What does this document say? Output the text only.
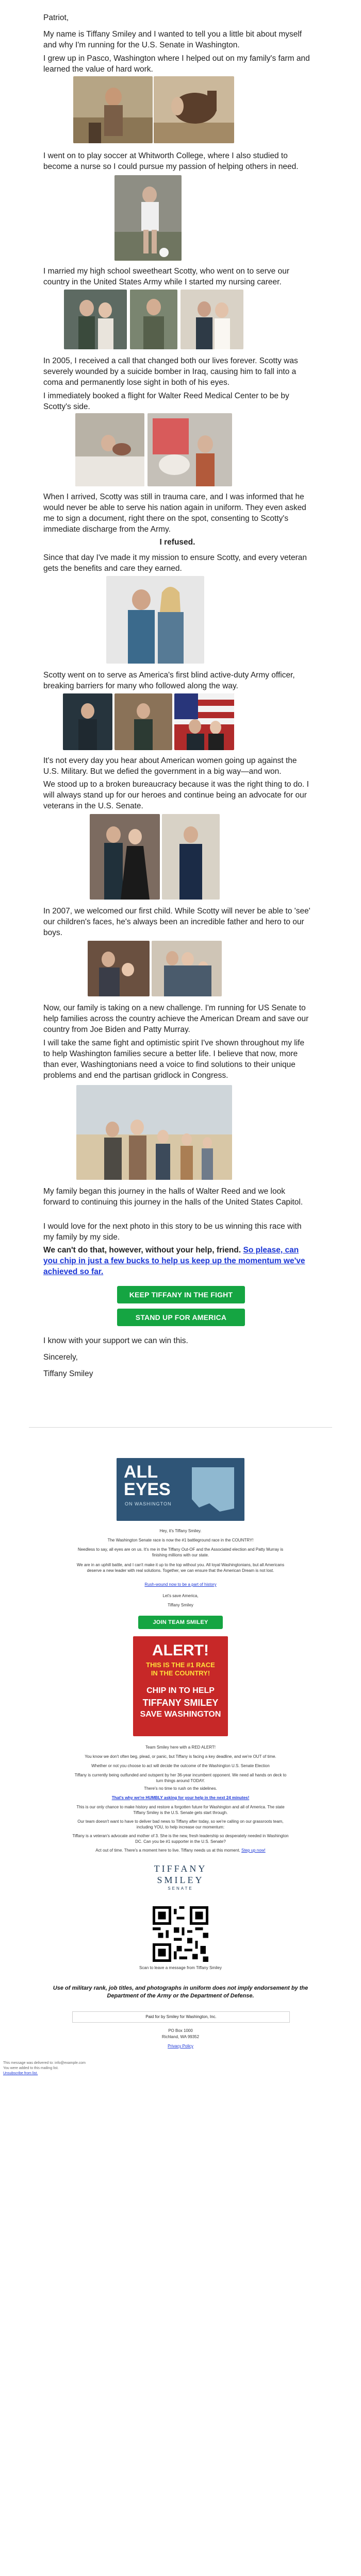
Patriot,

My name is Tiffany Smiley and I wanted to tell you a little bit about myself and why I'm running for the U.S. Senate in Washington.

I grew up in Pasco, Washington where I helped out on my family's farm and learned the value of hard work.

I went on to play soccer at Whitworth College, where I also studied to become a nurse so I could pursue my passion of helping others in need.

I married my high school sweetheart Scotty, who went on to serve our country in the United States Army while I started my nursing career.

In 2005, I received a call that changed both our lives forever. Scotty was severely wounded by a suicide bomber in Iraq, causing him to fall into a coma and permanently lose sight in both of his eyes.

I immediately booked a flight for Walter Reed Medical Center to be by Scotty's side.

When I arrived, Scotty was still in trauma care, and I was informed that he would never be able to serve his nation again in uniform. They even asked me to sign a document, right there on the spot, consenting to Scotty's immediate discharge from the Army.

I refused.

Since that day I've made it my mission to ensure Scotty, and every veteran gets the benefits and care they earned.

Scotty went on to serve as America's first blind active-duty Army officer, breaking barriers for many who followed along the way.

It's not every day you hear about American women going up against the U.S. Military. But we defied the government in a big way—and won.

We stood up to a broken bureaucracy because it was the right thing to do. I will always stand up for our heroes and continue being an advocate for our veterans in the U.S. Senate.

In 2007, we welcomed our first child. While Scotty will never be able to 'see' our children's faces, he's always been an incredible father and hero to our boys.

Now, our family is taking on a new challenge. I'm running for US Senate to help families across the country achieve the American Dream and save our country from Joe Biden and Patty Murray.

I will take the same fight and optimistic spirit I've shown throughout my life to help Washington families secure a better life. I believe that now, more than ever, Washingtonians need a voice to find solutions to their unique problems and end the partisan gridlock in Congress.

My family began this journey in the halls of Walter Reed and we look forward to continuing this journey in the halls of the United States Capitol.

I would love for the next photo in this story to be us winning this race with my family by my side.

We can't do that, however, without your help, friend. So please, can you chip in just a few bucks to help us keep up the momentum we've achieved so far.

KEEP TIFFANY IN THE FIGHT
STAND UP FOR AMERICA

I know with your support we can win this.

Sincerely,

Tiffany Smiley

ALL
EYES
ON WASHINGTON
Hey, it's Tiffany Smiley.
The Washington Senate race is now the #1 battleground race in the COUNTRY!
Needless to say, all eyes are on us. It's me in the Tiffany Out-OF and the Associated election and Patty Murray is finishing millions with our state.
We are in an uphill battle, and I can't make it up to the top without you. All loyal Washingtonians, but all Americans deserve a new leader with real solutions. Together, we can ensure that the American Dream is not lost.
Rush-wound now to be a part of history
Let's save America,
Tiffany Smiley
JOIN TEAM SMILEY
ALERT!
THIS IS THE #1 RACE
IN THE COUNTRY!
CHIP IN TO HELP
TIFFANY SMILEY
SAVE WASHINGTON
Team Smiley here with a RED ALERT!
You know we don't often beg, plead, or panic, but Tiffany is facing a key deadline, and we're OUT of time.
Whether or not you choose to act will decide the outcome of the Washington U.S. Senate Election
Tiffany is currently being outfunded and outspent by her 36-year incumbent opponent. We need all hands on deck to turn things around TODAY.
There's no time to rush on the sidelines.
That's why we're HUMBLY asking for your help in the next 24 minutes!
This is our only chance to make history and restore a forgotten future for Washington and all of America. The state Tiffany Smiley is the U.S. Senate gets start through.
Our team doesn't want to have to deliver bad news to Tiffany after today, so we're calling on our grassroots team, including YOU, to help increase our momentum:
Tiffany is a veteran's advocate and mother of 3. She is the new, fresh leadership so desperately needed in Washington DC. Can you be #1 supporter in the U.S. Senate?
Act out of time. There's a moment here to live. Tiffany needs us at this moment. Step up now!
TIFFANY
SMILEY
SENATE
Scan to leave a message from Tiffany Smiley
Use of military rank, job titles, and photographs in uniform does not imply endorsement by the Department of the Army or the Department of Defense.
Paid for by Smiley for Washington, Inc.
PO Box 1000
Richland, WA 99352
Privacy Policy
This message was delivered to: info@example.com
You were added to this mailing list.
Unsubscribe from list.
